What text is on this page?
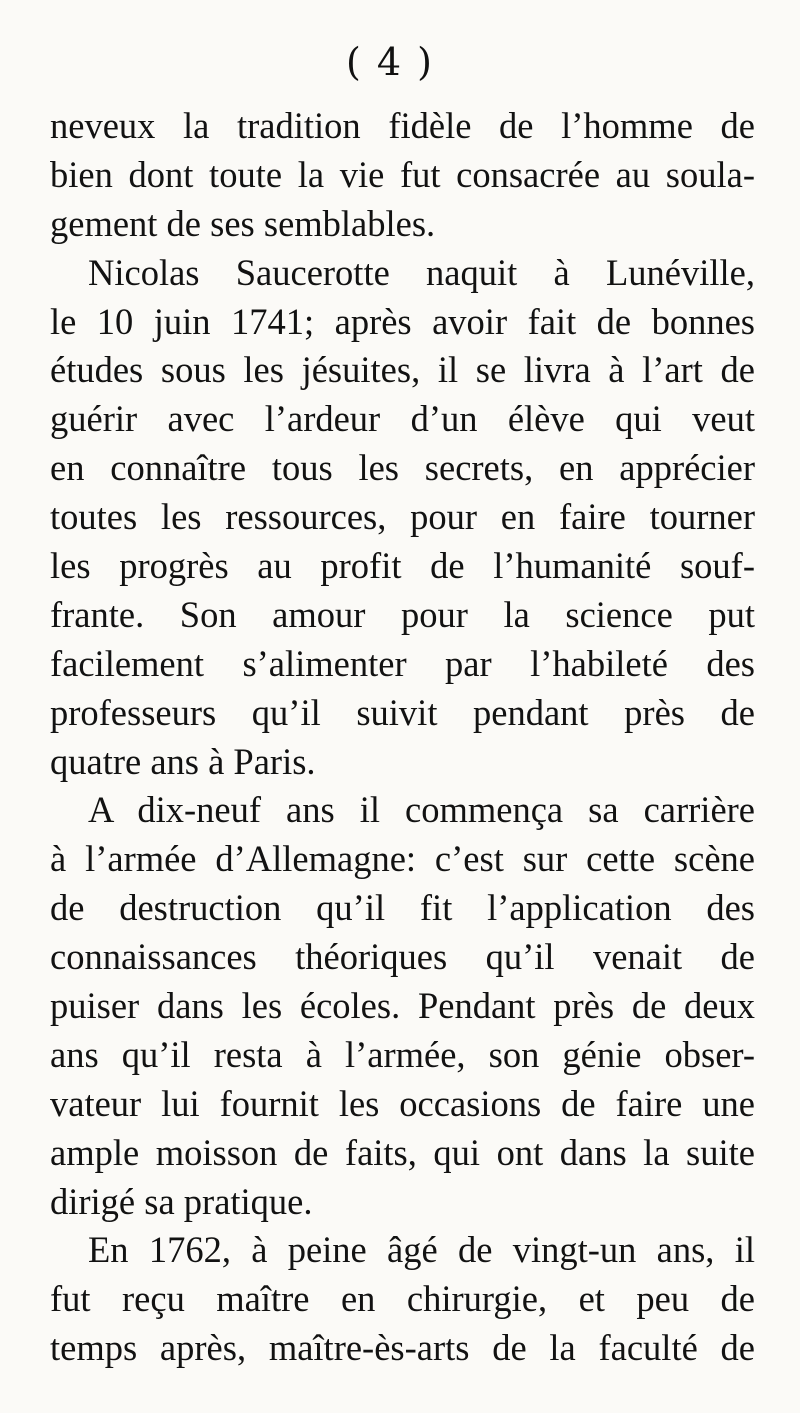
( 4 )
neveux la tradition fidèle de l’homme de
bien dont toute la vie fut consacrée au soula-
gement de ses semblables.
Nicolas Saucerotte naquit à Lunéville,
le 10 juin 1741; après avoir fait de bonnes
études sous les jésuites, il se livra à l’art de
guérir avec l’ardeur d’un élève qui veut
en connaître tous les secrets, en apprécier
toutes les ressources, pour en faire tourner
les progrès au profit de l’humanité souf-
frante. Son amour pour la science put
facilement s’alimenter par l’habileté des
professeurs qu’il suivit pendant près de
quatre ans à Paris.
A dix-neuf ans il commença sa carrière
à l’armée d’Allemagne: c’est sur cette scène
de destruction qu’il fit l’application des
connaissances théoriques qu’il venait de
puiser dans les écoles. Pendant près de deux
ans qu’il resta à l’armée, son génie obser-
vateur lui fournit les occasions de faire une
ample moisson de faits, qui ont dans la suite
dirigé sa pratique.
En 1762, à peine âgé de vingt-un ans, il
fut reçu maître en chirurgie, et peu de
temps après, maître-ès-arts de la faculté de
